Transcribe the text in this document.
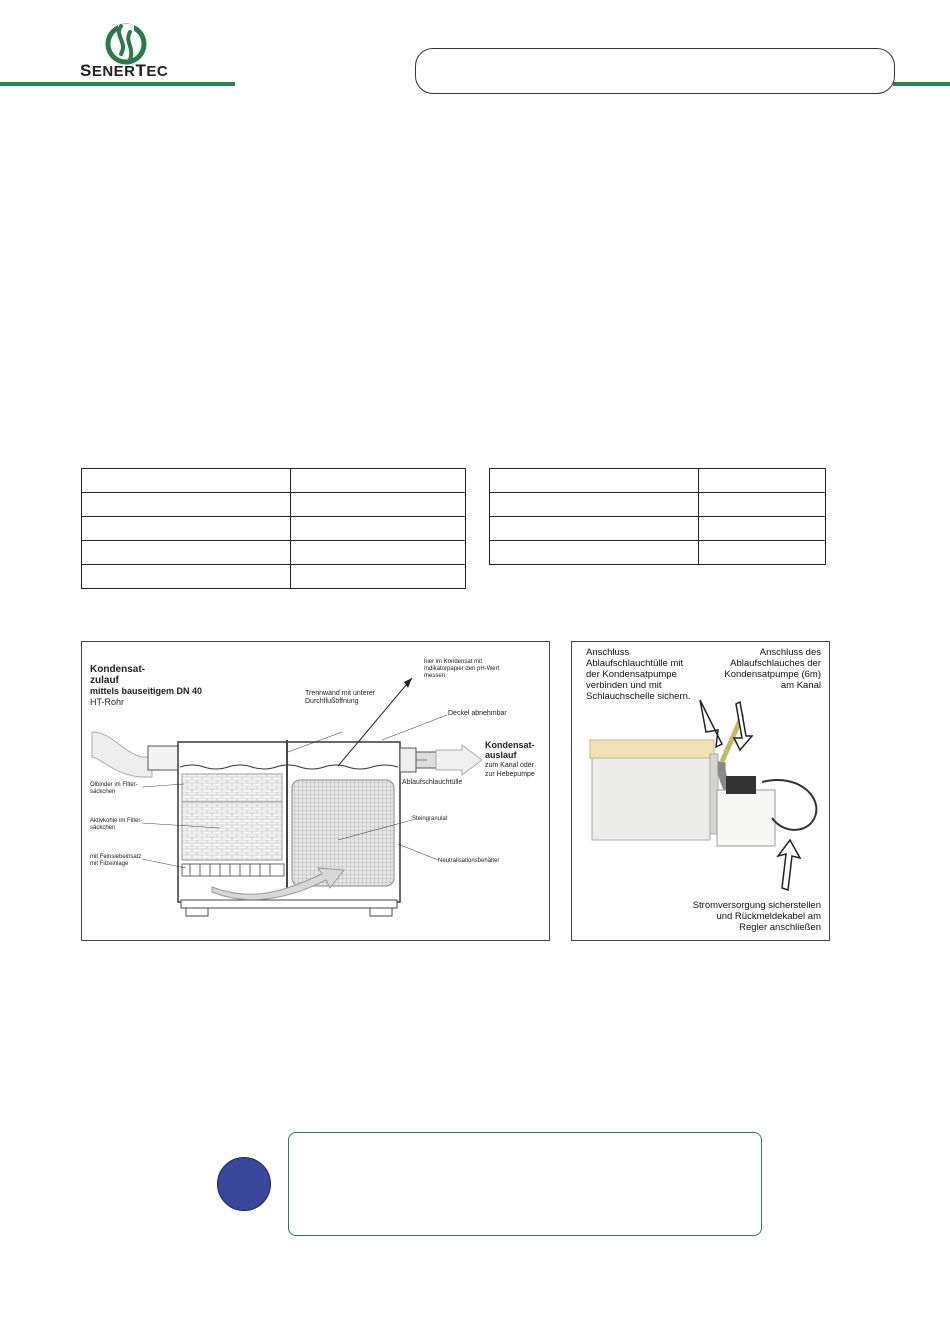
SENERTEC

Kondensat-
zulauf
mittels bauseitigem DN 40
HT-Rohr
hier im Kondensat mit
Indikatorpapier den pH-Wert
messen
Trennwand mit unterer
Durchflußöffnung
Deckel abnehmbar
Kondensat-
auslauf
zum Kanal oder
zur Hebepumpe
Ölbinder im Filter-
säckchen
Ablaufschlauchtülle
Aktivkohle im Filter-
säckchen
Steingranulat
mit Feinsiebeinsatz
mit Filzeinlage	Neutralisationsbehälter
Anschluss
Ablaufschlauchtülle mit
der Kondensatpumpe
verbinden und mit
Schlauchschelle sichern.
Anschluss des
Ablaufschlauches der
Kondensatpumpe (6m)
am Kanal
Stromversorgung sicherstellen
und Rückmeldekabel am
Regler anschließen
